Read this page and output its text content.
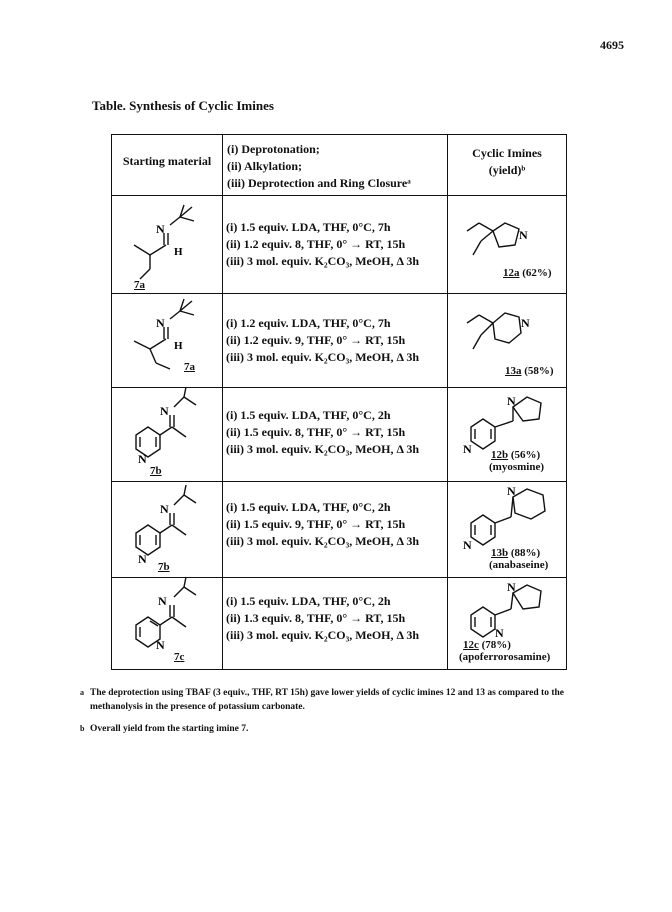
4695
Table. Synthesis of Cyclic Imines
Starting material
(i) Deprotonation;
(ii) Alkylation;
(iii) Deprotection and Ring Closureᵃ
Cyclic Imines
(yield)ᵇ
N
H
7a
(i) 1.5 equiv. LDA, THF, 0°C, 7h
(ii) 1.2 equiv. 8, THF, 0° → RT, 15h
(iii) 3 mol. equiv. K₂CO₃, MeOH, Δ 3h
N
12a (62%)
N
H
7a
(i) 1.2 equiv. LDA, THF, 0°C, 7h
(ii) 1.2 equiv. 9, THF, 0° → RT, 15h
(iii) 3 mol. equiv. K₂CO₃, MeOH, Δ 3h
N
13a (58%)
N
N
7b
(i) 1.5 equiv. LDA, THF, 0°C, 2h
(ii) 1.5 equiv. 8, THF, 0° → RT, 15h
(iii) 3 mol. equiv. K₂CO₃, MeOH, Δ 3h
N
N 12b (56%)
(myosmine)
N
N
7b
(i) 1.5 equiv. LDA, THF, 0°C, 2h
(ii) 1.5 equiv. 9, THF, 0° → RT, 15h
(iii) 3 mol. equiv. K₂CO₃, MeOH, Δ 3h
N
N
13b (88%)
(anabaseine)
N
N
7c
(i) 1.5 equiv. LDA, THF, 0°C, 2h
(ii) 1.3 equiv. 8, THF, 0° → RT, 15h
(iii) 3 mol. equiv. K₂CO₃, MeOH, Δ 3h
N
N
12c (78%)
(apoferrorosamine)
a The deprotection using TBAF (3 equiv., THF, RT 15h) gave lower yields of cyclic imines 12 and 13 as compared to the methanolysis in the presence of potassium carbonate.
b Overall yield from the starting imine 7.
